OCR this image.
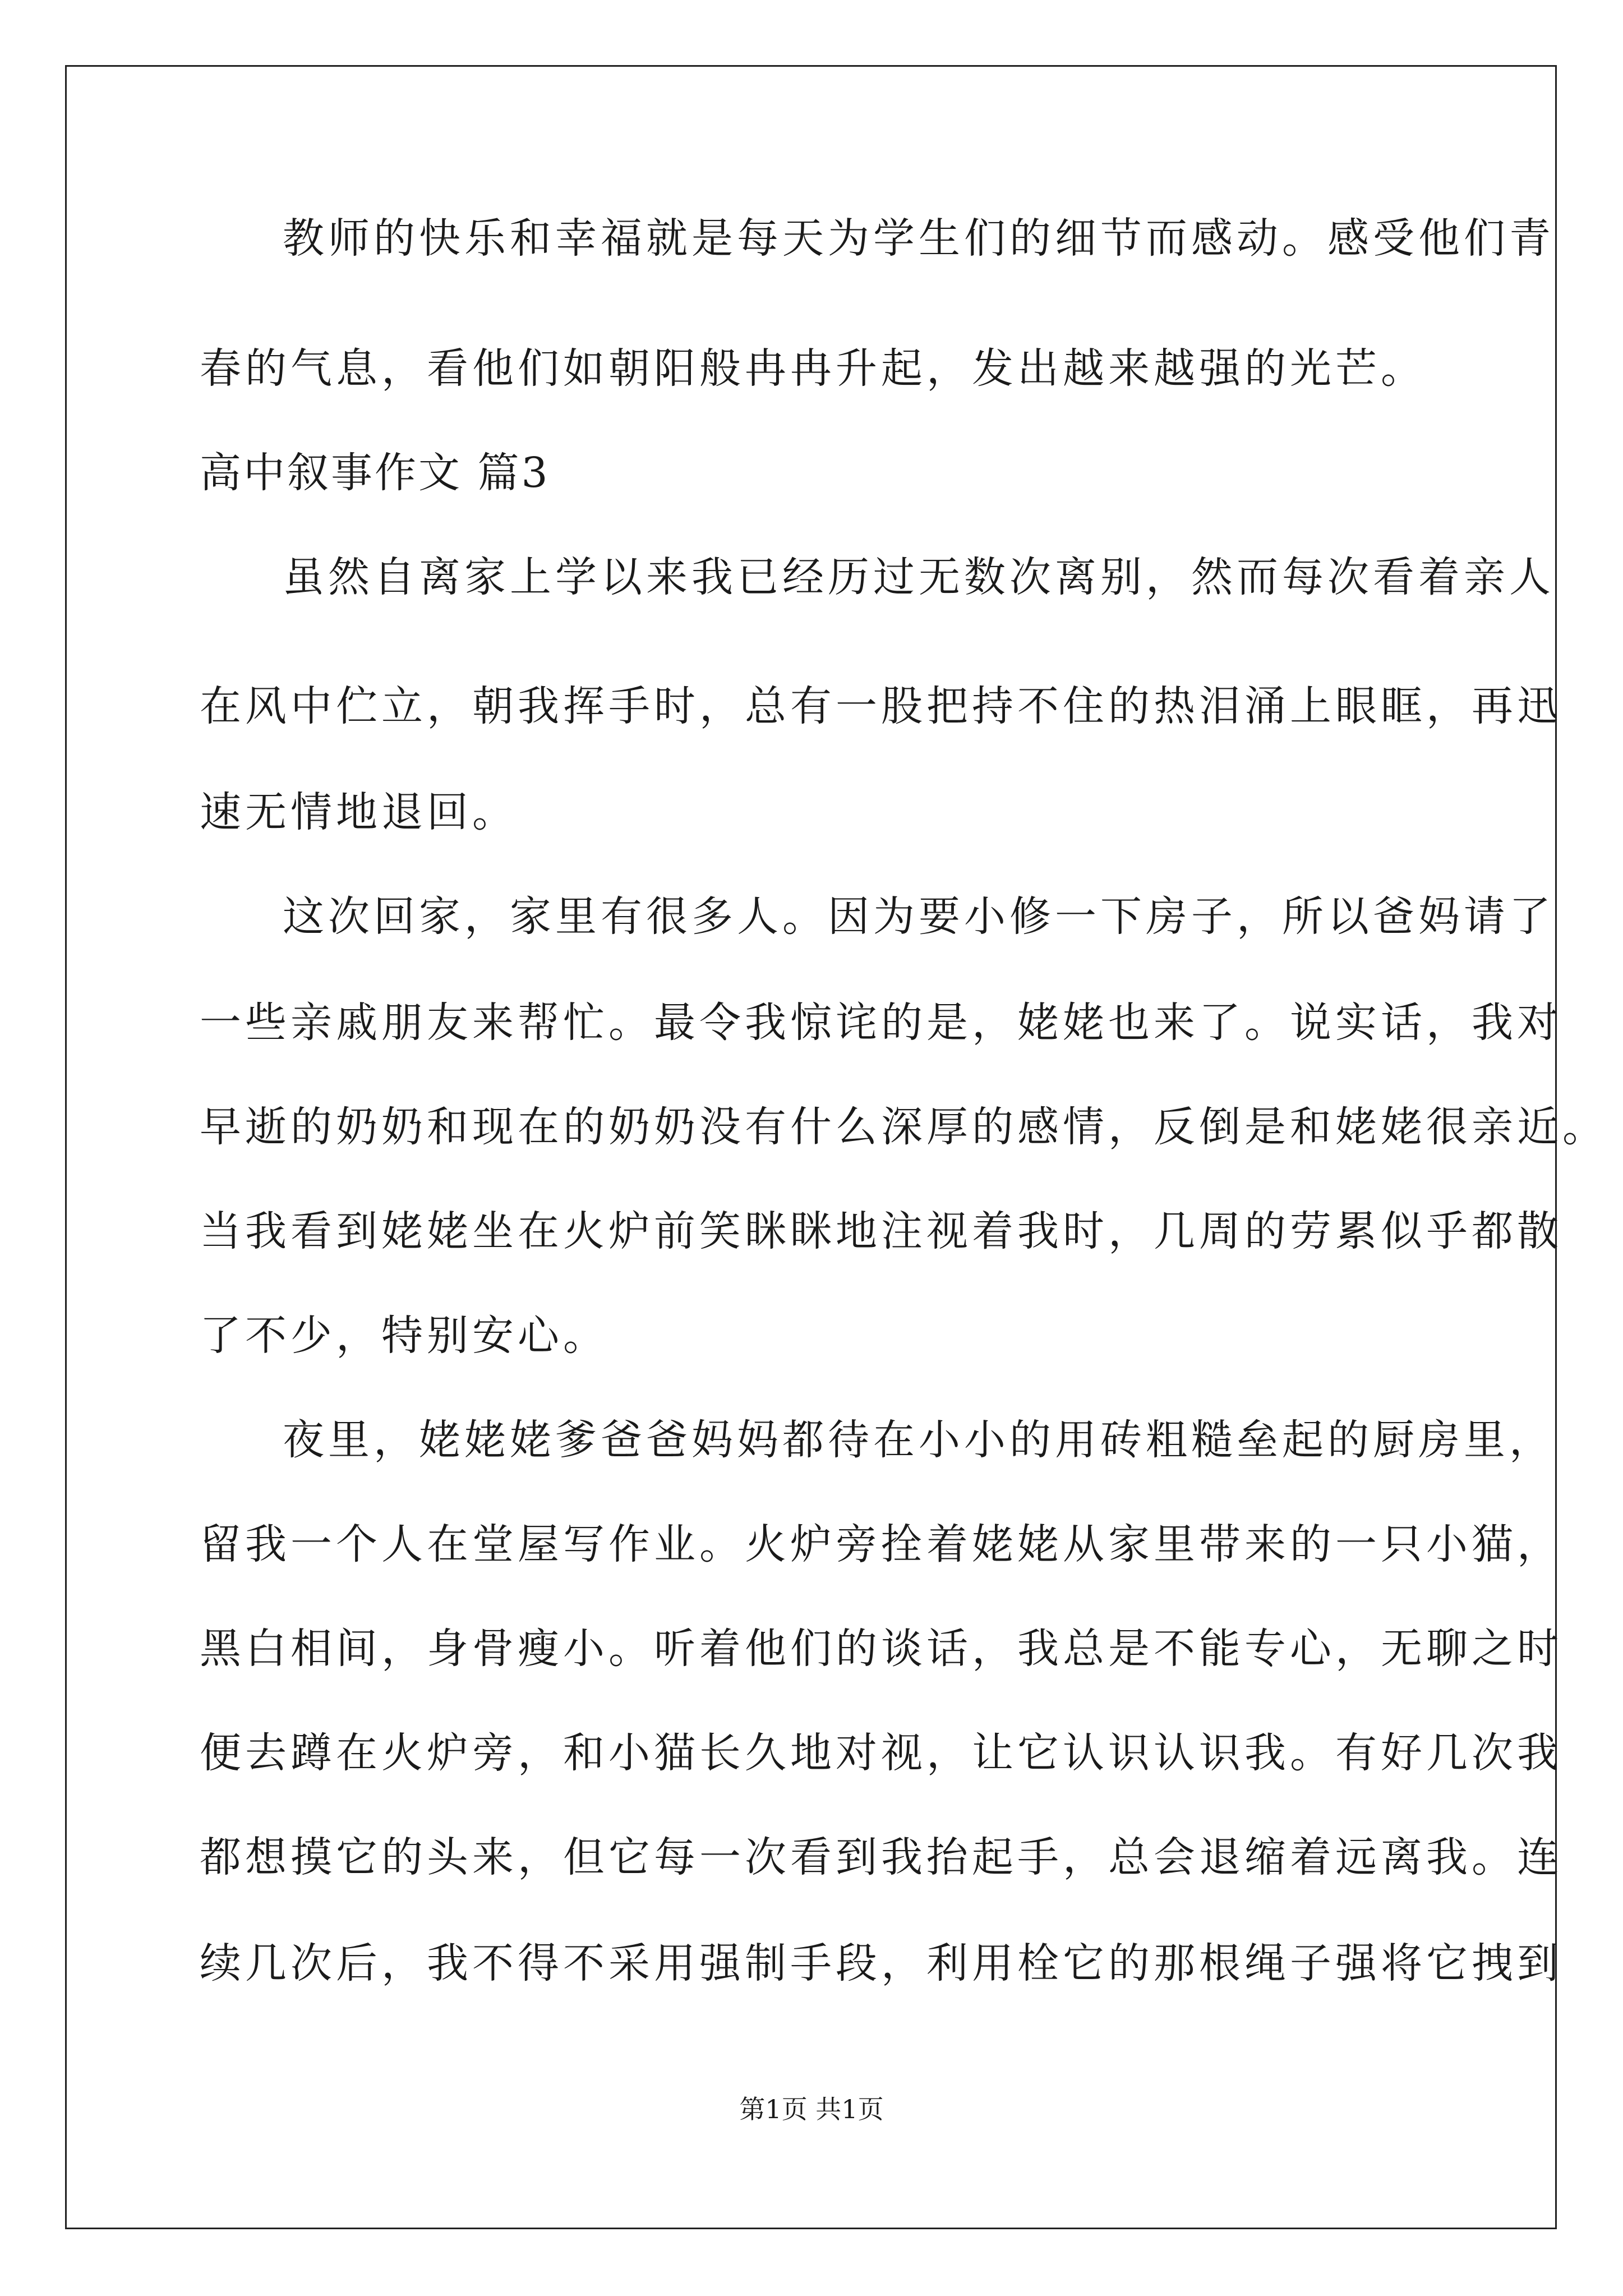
教师的快乐和幸福就是每天为学生们的细节而感动。感受他们青
春的气息，看他们如朝阳般冉冉升起，发出越来越强的光芒。
高中叙事作文 篇3
虽然自离家上学以来我已经历过无数次离别，然而每次看着亲人
在风中伫立，朝我挥手时，总有一股把持不住的热泪涌上眼眶，再迅
速无情地退回。
这次回家，家里有很多人。因为要小修一下房子，所以爸妈请了
一些亲戚朋友来帮忙。最令我惊诧的是，姥姥也来了。说实话，我对
早逝的奶奶和现在的奶奶没有什么深厚的感情，反倒是和姥姥很亲近。
当我看到姥姥坐在火炉前笑眯眯地注视着我时，几周的劳累似乎都散
了不少，特别安心。
夜里，姥姥姥爹爸爸妈妈都待在小小的用砖粗糙垒起的厨房里，
留我一个人在堂屋写作业。火炉旁拴着姥姥从家里带来的一只小猫，
黑白相间，身骨瘦小。听着他们的谈话，我总是不能专心，无聊之时
便去蹲在火炉旁，和小猫长久地对视，让它认识认识我。有好几次我
都想摸它的头来，但它每一次看到我抬起手，总会退缩着远离我。连
续几次后，我不得不采用强制手段，利用栓它的那根绳子强将它拽到
第1页 共1页
